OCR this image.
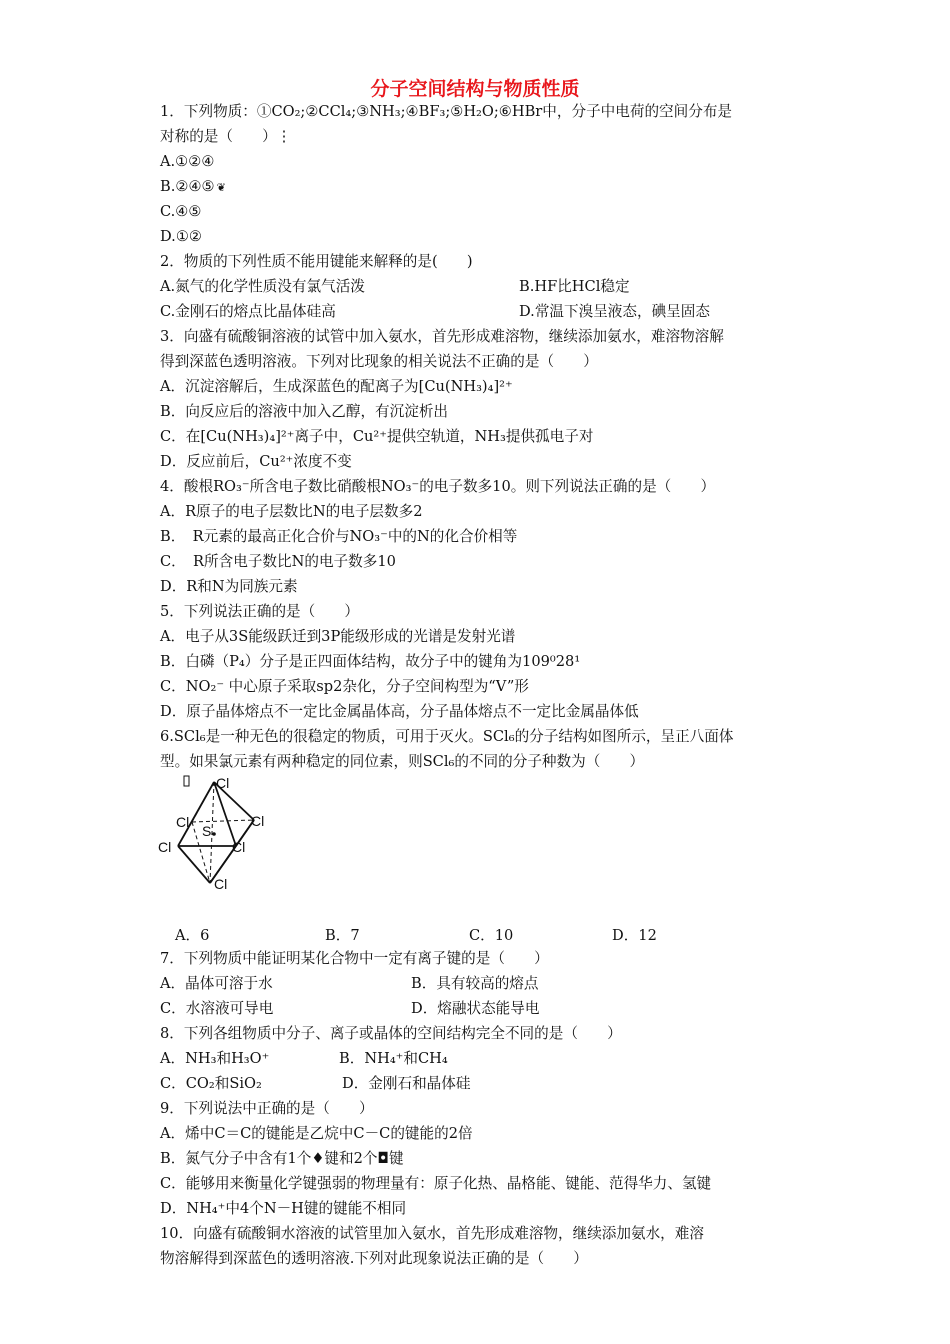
分子空间结构与物质性质
1．下列物质：①CO₂;②CCl₄;③NH₃;④BF₃;⑤H₂O;⑥HBr中，分子中电荷的空间分布是
对称的是（　　）⋮
A.①②④
B.②④⑤ ❦
C.④⑤
D.①②
2．物质的下列性质不能用键能来解释的是(　　)
A.氮气的化学性质没有氯气活泼	B.HF比HCl稳定
C.金刚石的熔点比晶体硅高	D.常温下溴呈液态，碘呈固态
3．向盛有硫酸铜溶液的试管中加入氨水，首先形成难溶物，继续添加氨水，难溶物溶解
得到深蓝色透明溶液。下列对比现象的相关说法不正确的是（　　）
A．沉淀溶解后，生成深蓝色的配离子为[Cu(NH₃)₄]²⁺
B．向反应后的溶液中加入乙醇，有沉淀析出
C．在[Cu(NH₃)₄]²⁺离子中，Cu²⁺提供空轨道，NH₃提供孤电子对
D．反应前后，Cu²⁺浓度不变
4．酸根RO₃⁻所含电子数比硝酸根NO₃⁻的电子数多10。则下列说法正确的是（　　）
A．R原子的电子层数比N的电子层数多2
B．　R元素的最高正化合价与NO₃⁻中的N的化合价相等
C．　R所含电子数比N的电子数多10
D．R和N为同族元素
5．下列说法正确的是（　　）
A．电子从3S能级跃迁到3P能级形成的光谱是发射光谱
B．白磷（P₄）分子是正四面体结构，故分子中的键角为109⁰28¹
C．NO₂⁻ 中心原子采取sp2杂化，分子空间构型为“V”形
D．原子晶体熔点不一定比金属晶体高，分子晶体熔点不一定比金属晶体低
6.SCl₆是一种无色的很稳定的物质，可用于灭火。SCl₆的分子结构如图所示，呈正八面体
型。如果氯元素有两种稳定的同位素，则SCl₆的不同的分子种数为（　　）
Cl
Cl	Cl
Cl	Cl
Cl
S
A．6	B．7	C．10	D．12
7．下列物质中能证明某化合物中一定有离子键的是（　　）
A．晶体可溶于水	B．具有较高的熔点
C．水溶液可导电	D．熔融状态能导电
8．下列各组物质中分子、离子或晶体的空间结构完全不同的是（　　）
A．NH₃和H₃O⁺	B．NH₄⁺和CH₄
C．CO₂和SiO₂	D．金刚石和晶体硅
9．下列说法中正确的是（　　）
A．烯中C＝C的键能是乙烷中C－C的键能的2倍
B．氮气分子中含有1个♦键和2个◘键
C．能够用来衡量化学键强弱的物理量有：原子化热、晶格能、键能、范得华力、氢键
D．NH₄⁺中4个N－H键的键能不相同
10．向盛有硫酸铜水溶液的试管里加入氨水，首先形成难溶物，继续添加氨水，难溶
物溶解得到深蓝色的透明溶液.下列对此现象说法正确的是（　　）
